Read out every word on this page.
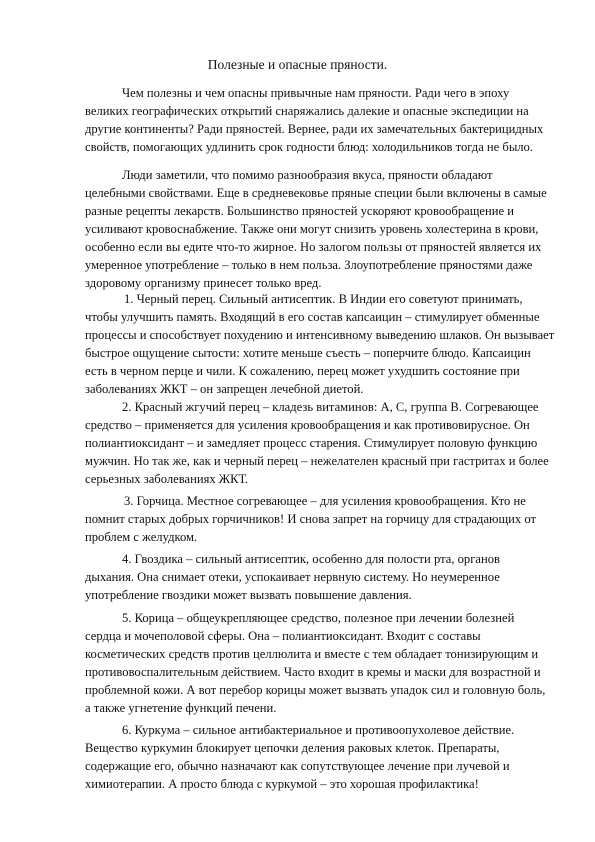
Полезные и опасные пряности.
Чем полезны и чем опасны привычные нам пряности. Ради чего в эпоху
великих географических открытий снаряжались далекие и опасные экспедиции на
другие континенты? Ради пряностей. Вернее, ради их замечательных бактерицидных
свойств, помогающих удлинить срок годности блюд: холодильников тогда не было.
Люди заметили, что помимо разнообразия вкуса, пряности обладают
целебными свойствами. Еще в средневековье пряные специи были включены в самые
разные рецепты лекарств. Большинство пряностей ускоряют кровообращение и
усиливают кровоснабжение. Также они могут снизить уровень холестерина в крови,
особенно если вы едите что-то жирное. Но залогом пользы от пряностей является их
умеренное употребление – только в нем польза. Злоупотребление пряностями даже
здоровому организму принесет только вред.
1. Черный перец. Сильный антисептик. В Индии его советуют принимать,
чтобы улучшить память. Входящий в его состав капсаицин – стимулирует обменные
процессы и способствует похудению и интенсивному выведению шлаков. Он вызывает
быстрое ощущение сытости: хотите меньше съесть – поперчите блюдо. Капсаицин
есть в черном перце и чили. К сожалению, перец может ухудшить состояние при
заболеваниях ЖКТ – он запрещен лечебной диетой.
2. Красный жгучий перец – кладезь витаминов: А, С, группа В. Согревающее
средство – применяется для усиления кровообращения и как противовирусное. Он
полиантиоксидант – и замедляет процесс старения. Стимулирует половую функцию
мужчин. Но так же, как и черный перец – нежелателен красный при гастритах и более
серьезных заболеваниях ЖКТ.
3. Горчица. Местное согревающее – для усиления кровообращения. Кто не
помнит старых добрых горчичников! И снова запрет на горчицу для страдающих от
проблем с желудком.
4. Гвоздика – сильный антисептик, особенно для полости рта, органов
дыхания. Она снимает отеки, успокаивает нервную систему. Но неумеренное
употребление гвоздики может вызвать повышение давления.
5. Корица – общеукрепляющее средство, полезное при лечении болезней
сердца и мочеполовой сферы. Она – полиантиоксидант. Входит с составы
косметических средств против целлюлита и вместе с тем обладает тонизирующим и
противовоспалительным действием. Часто входит в кремы и маски для возрастной и
проблемной кожи. А вот перебор корицы может вызвать упадок сил и головную боль,
а также угнетение функций печени.
6. Куркума – сильное антибактериальное и противоопухолевое действие.
Вещество куркумин блокирует цепочки деления раковых клеток. Препараты,
содержащие его, обычно назначают как сопутствующее лечение при лучевой и
химиотерапии. А просто блюда с куркумой – это хорошая профилактика!
